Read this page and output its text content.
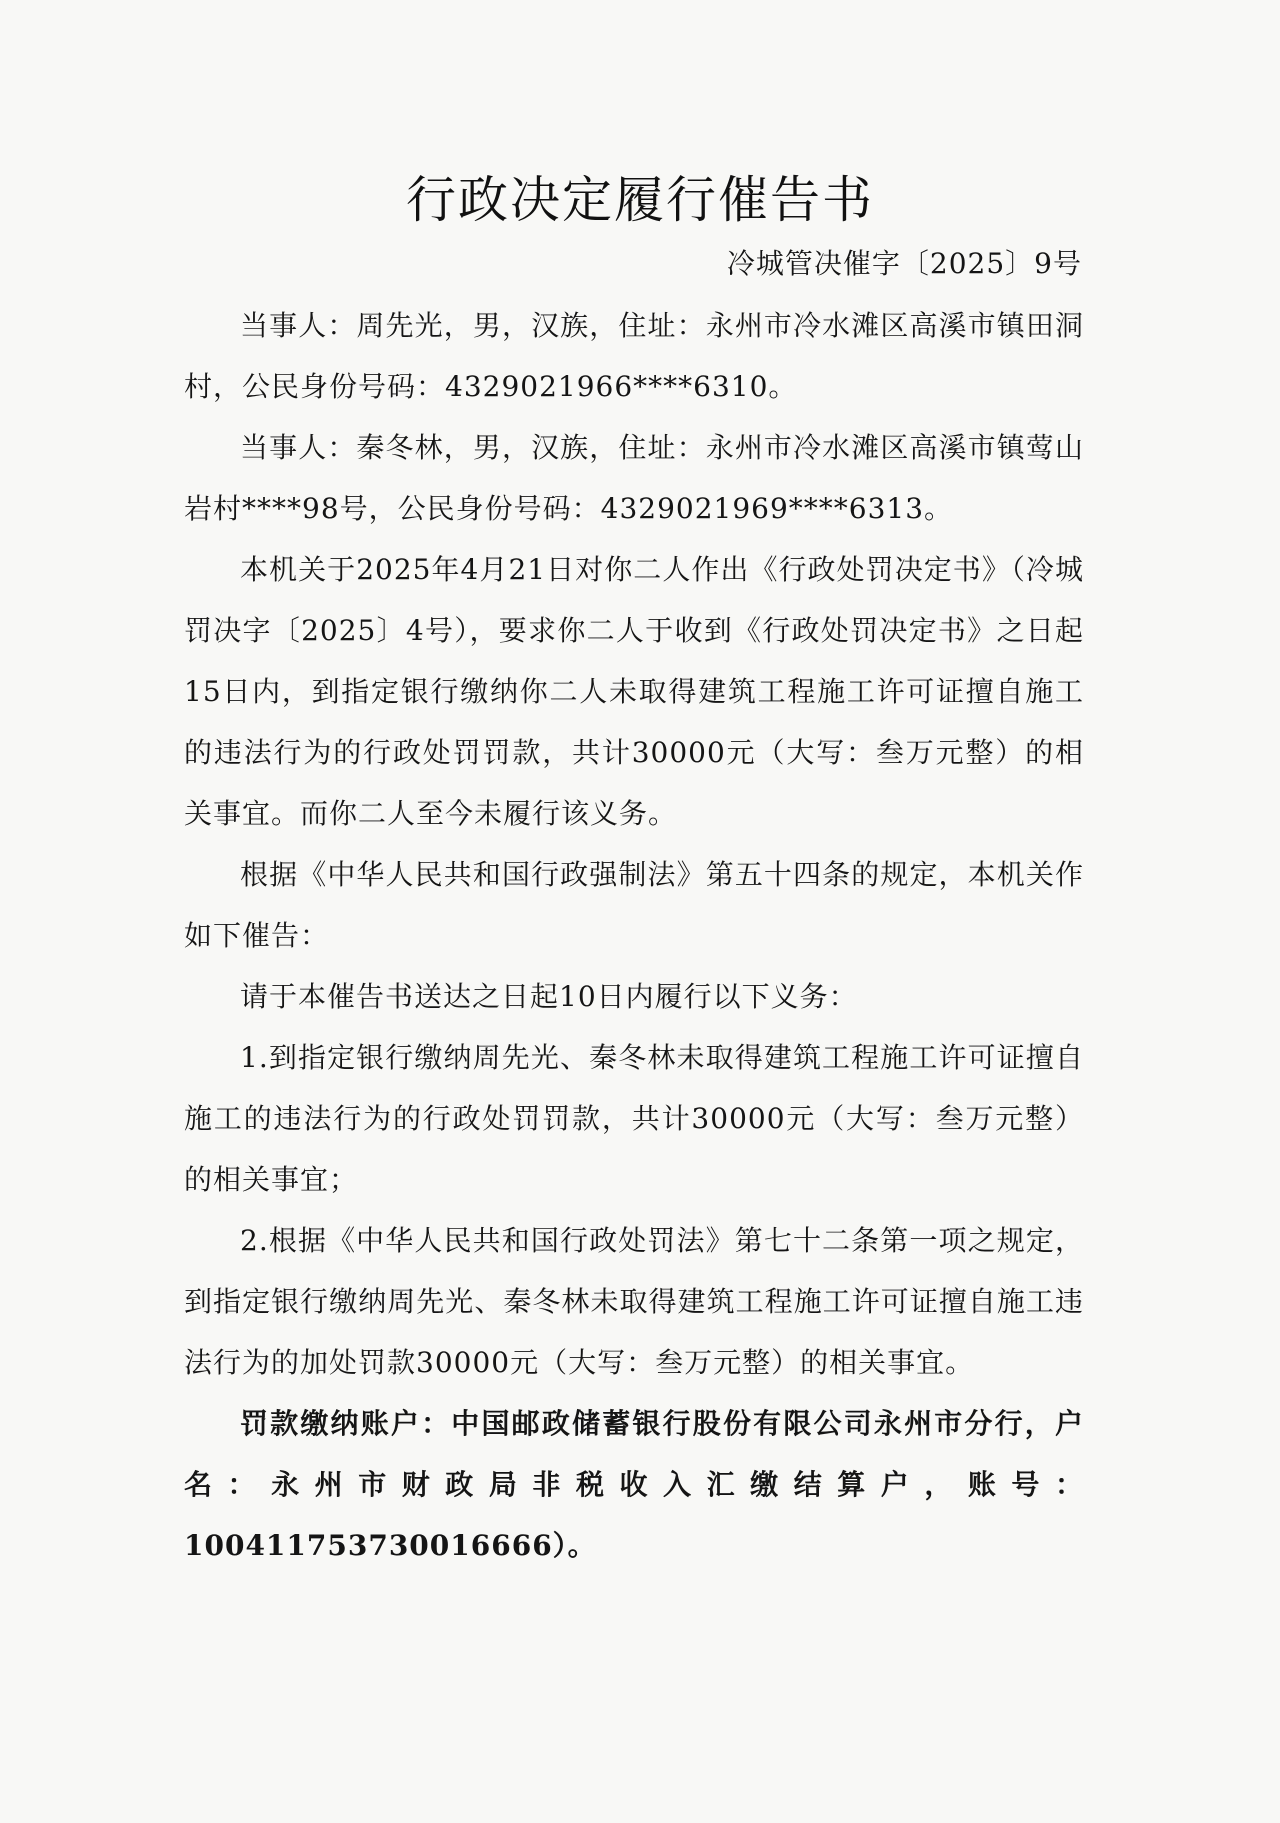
行政决定履行催告书

冷城管决催字〔2025〕9号

当事人：周先光，男，汉族，住址：永州市冷水滩区高溪市镇田洞村，公民身份号码：4329021966****6310。

当事人：秦冬林，男，汉族，住址：永州市冷水滩区高溪市镇莺山岩村****98号，公民身份号码：4329021969****6313。

本机关于2025年4月21日对你二人作出《行政处罚决定书》（冷城罚决字〔2025〕4号），要求你二人于收到《行政处罚决定书》之日起15日内，到指定银行缴纳你二人未取得建筑工程施工许可证擅自施工的违法行为的行政处罚罚款，共计30000元（大写：叁万元整）的相关事宜。而你二人至今未履行该义务。

根据《中华人民共和国行政强制法》第五十四条的规定，本机关作如下催告：

请于本催告书送达之日起10日内履行以下义务：

1.到指定银行缴纳周先光、秦冬林未取得建筑工程施工许可证擅自施工的违法行为的行政处罚罚款，共计30000元（大写：叁万元整）的相关事宜；

2.根据《中华人民共和国行政处罚法》第七十二条第一项之规定，到指定银行缴纳周先光、秦冬林未取得建筑工程施工许可证擅自施工违法行为的加处罚款30000元（大写：叁万元整）的相关事宜。

罚款缴纳账户：中国邮政储蓄银行股份有限公司永州市分行，户名：永州市财政局非税收入汇缴结算户，账号：100411753730016666）。
